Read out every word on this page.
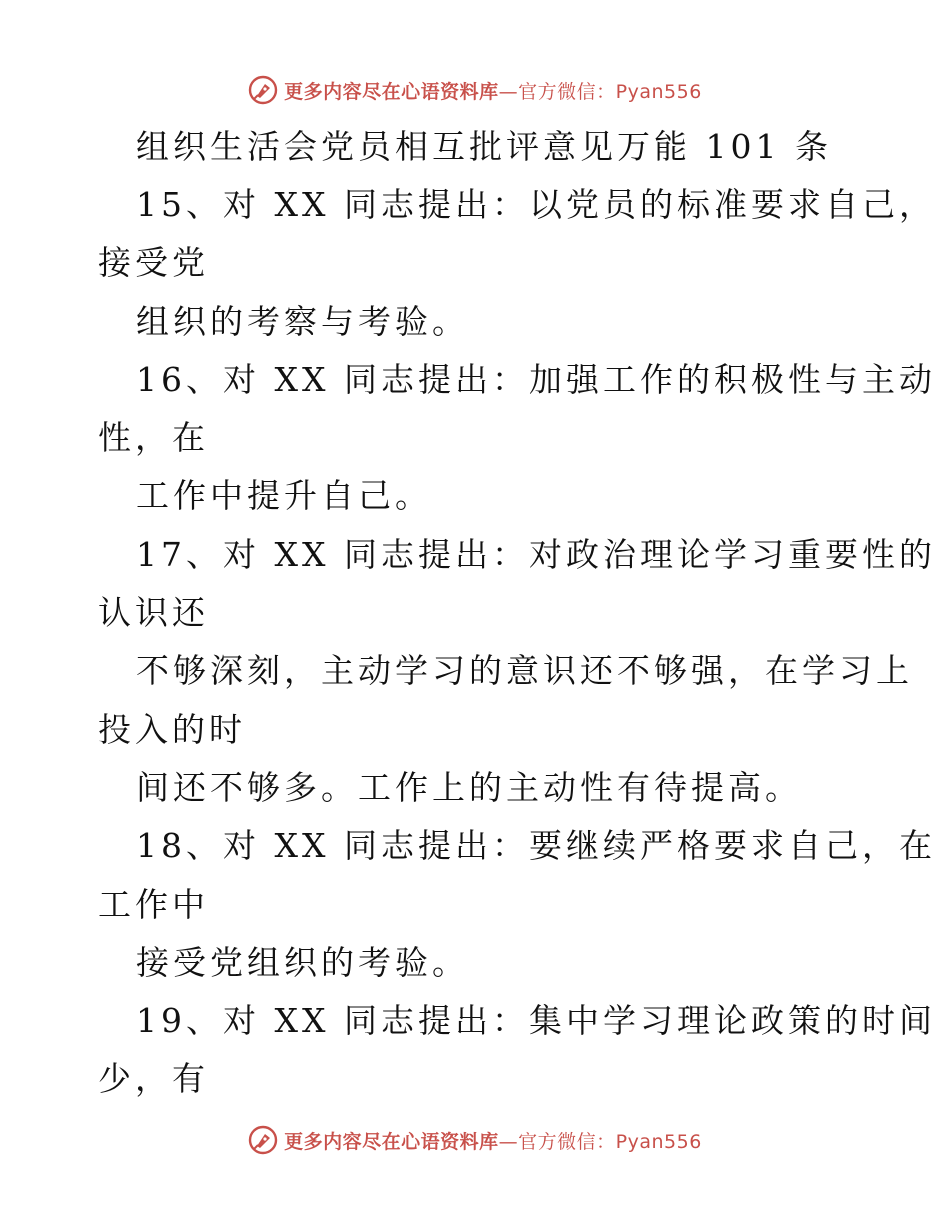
更多内容尽在心语资料库—官方微信：Pyan556
组织生活会党员相互批评意见万能 101 条
15、对 XX 同志提出：以党员的标准要求自己，
接受党
组织的考察与考验。
16、对 XX 同志提出：加强工作的积极性与主动
性，在
工作中提升自己。
17、对 XX 同志提出：对政治理论学习重要性的
认识还
不够深刻，主动学习的意识还不够强，在学习上
投入的时
间还不够多。工作上的主动性有待提高。
18、对 XX 同志提出：要继续严格要求自己，在
工作中
接受党组织的考验。
19、对 XX 同志提出：集中学习理论政策的时间
少，有
更多内容尽在心语资料库—官方微信：Pyan556
